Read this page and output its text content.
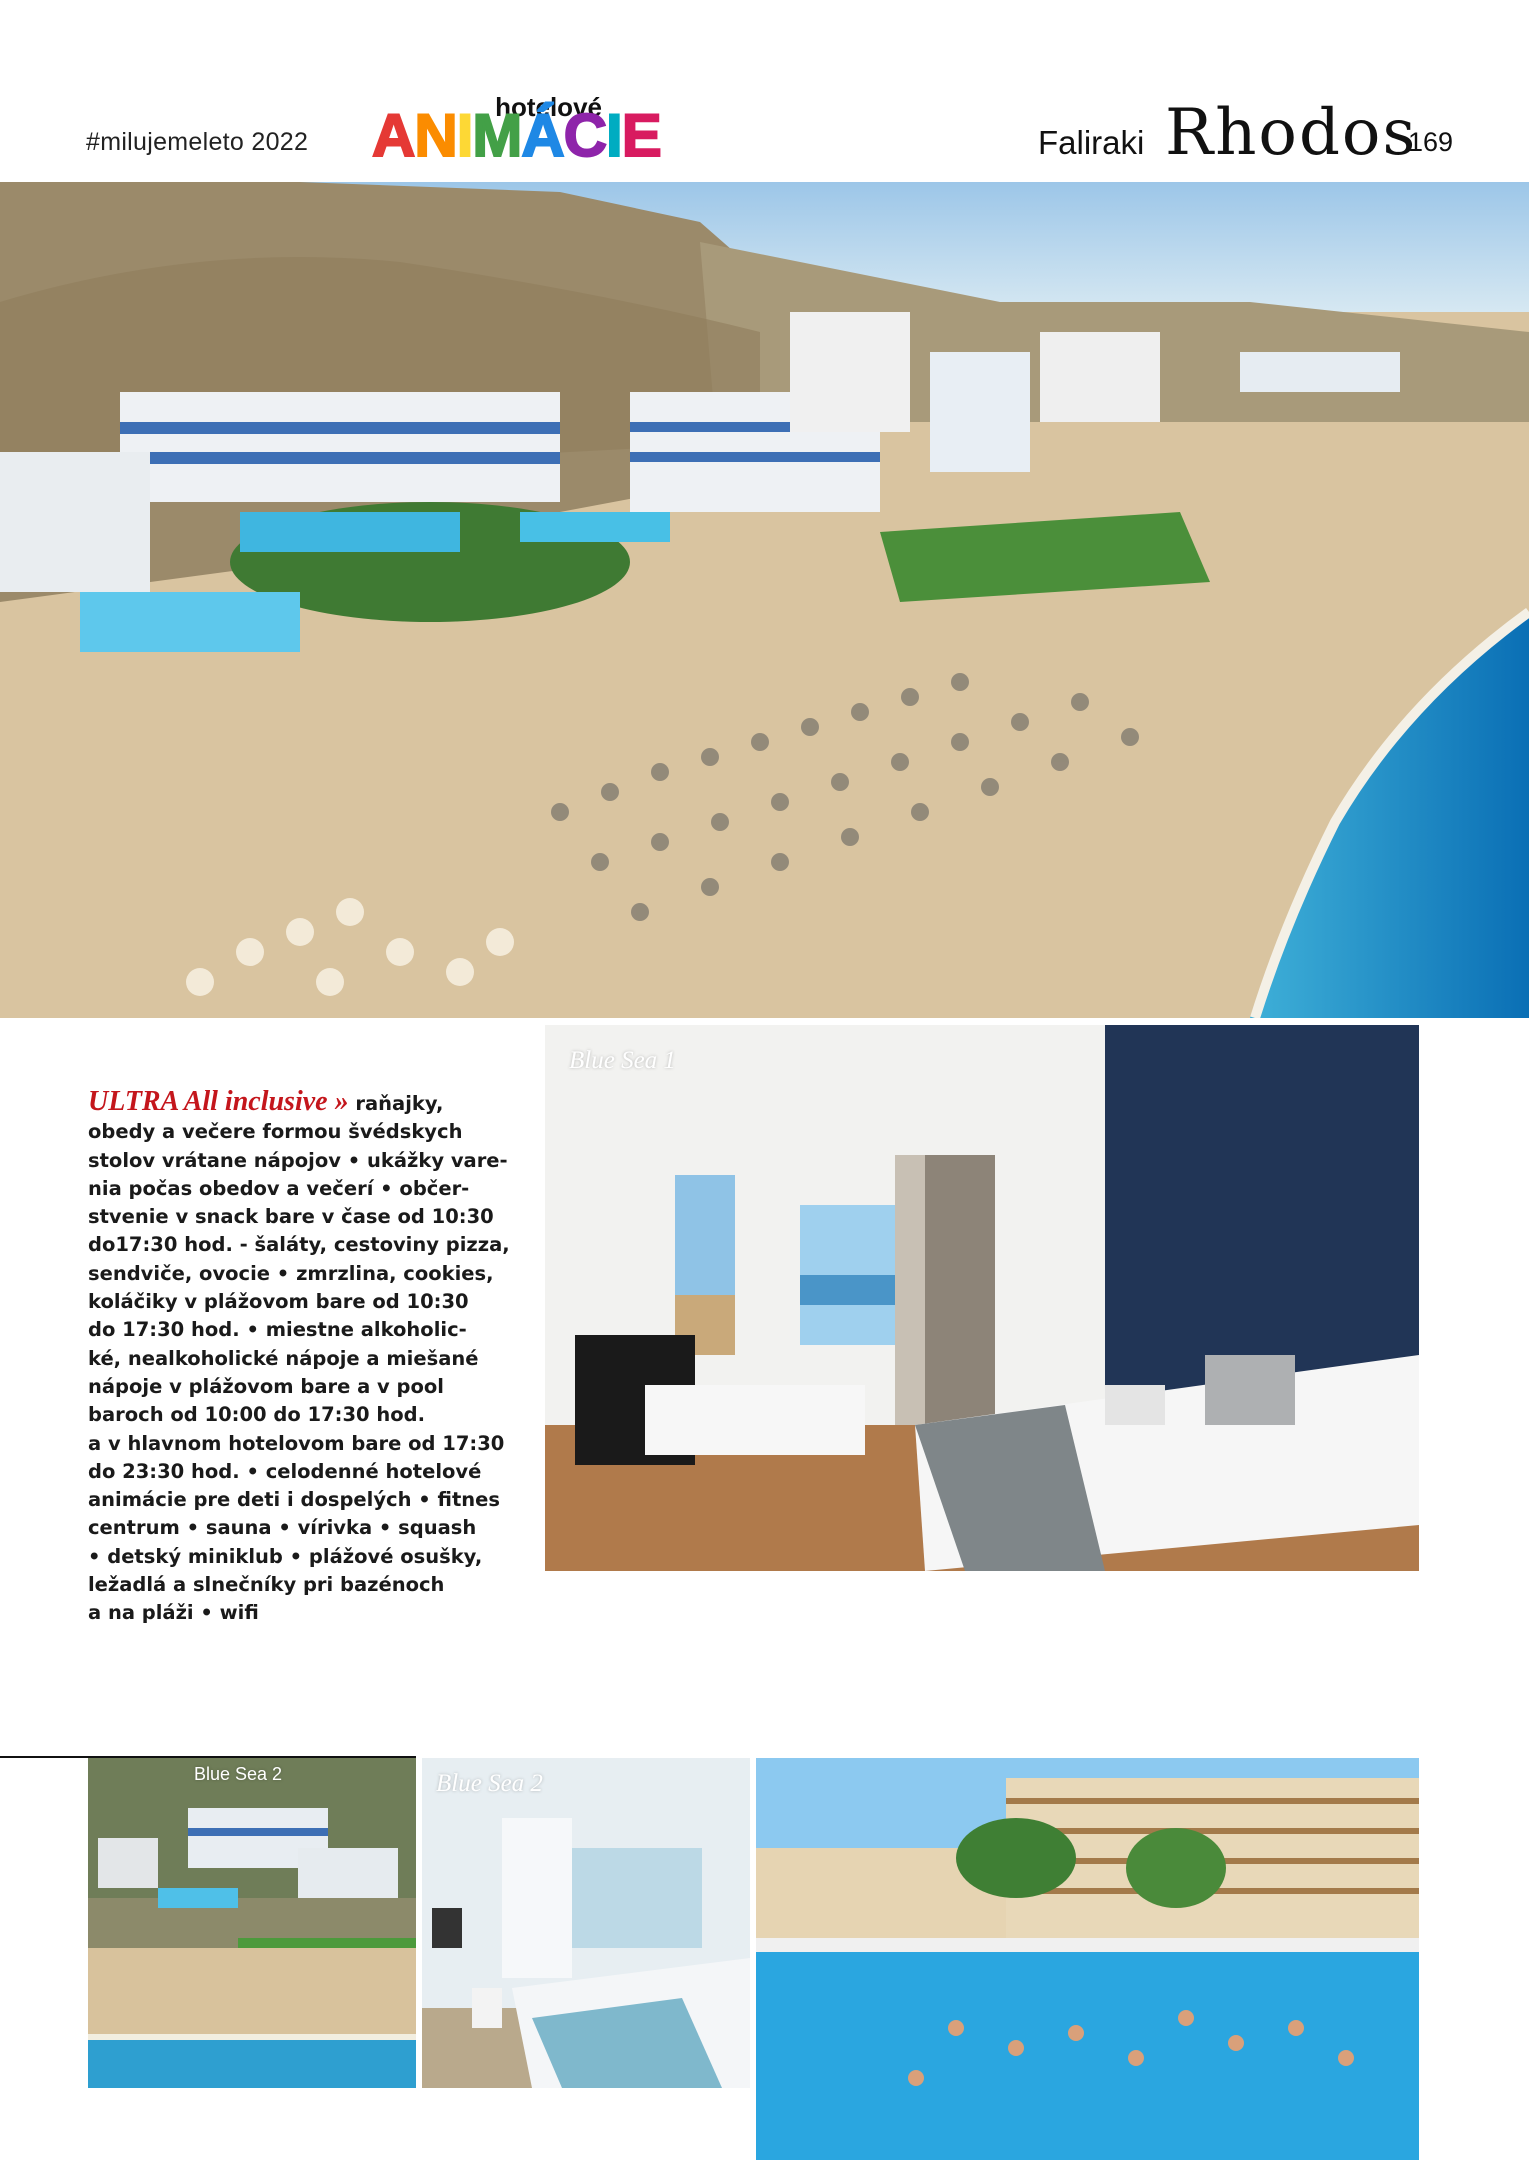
#milujemeleto 2022
hotelové
ANIMÁCIE	Faliraki Rhodos
169
Blue Sea 1
ULTRA All inclusive » raňajky,
obedy a večere formou švédskych
stolov vrátane nápojov • ukážky vare-
nia počas obedov a večerí • občer-
stvenie v snack bare v čase od 10:30
do17:30 hod. - šaláty, cestoviny pizza,
sendviče, ovocie • zmrzlina, cookies,
koláčiky v plážovom bare od 10:30
do 17:30 hod. • miestne alkoholic-
ké, nealkoholické nápoje a miešané
nápoje v plážovom bare a v pool
baroch od 10:00 do 17:30 hod.
a v hlavnom hotelovom bare od 17:30
do 23:30 hod. • celodenné hotelové
animácie pre deti i dospelých • fitnes
centrum • sauna • vírivka • squash
• detský miniklub • plážové osušky,
ležadlá a slnečníky pri bazénoch
a na pláži • wifi
Blue Sea 2	Blue Sea 2
